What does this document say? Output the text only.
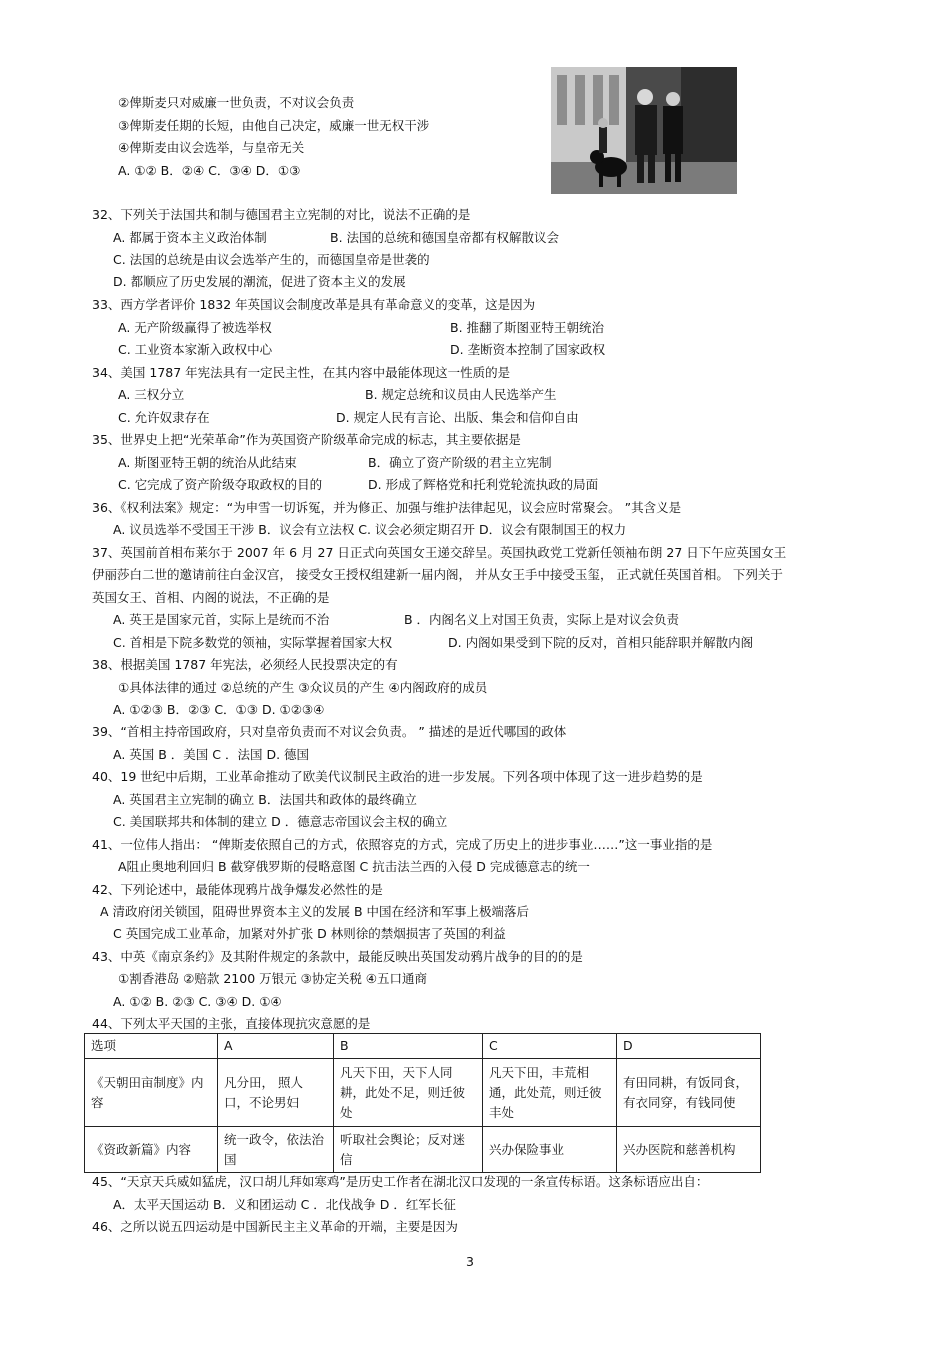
②俾斯麦只对威廉一世负责，不对议会负责
③俾斯麦任期的长短，由他自己决定，威廉一世无权干涉
④俾斯麦由议会选举，与皇帝无关
A. ①② B．②④ C．③④ D．①③
32、下列关于法国共和制与德国君主立宪制的对比，说法不正确的是
A. 都属于资本主义政治体制	B. 法国的总统和德国皇帝都有权解散议会
C. 法国的总统是由议会选举产生的，而德国皇帝是世袭的
D. 都顺应了历史发展的潮流，促进了资本主义的发展
33、西方学者评价 1832 年英国议会制度改革是具有革命意义的变革，这是因为
A. 无产阶级赢得了被选举权	B. 推翻了斯图亚特王朝统治
C. 工业资本家渐入政权中心	D. 垄断资本控制了国家政权
34、美国 1787 年宪法具有一定民主性，在其内容中最能体现这一性质的是
A. 三权分立	B. 规定总统和议员由人民选举产生
C. 允许奴隶存在	D. 规定人民有言论、出版、集会和信仰自由
35、世界史上把“光荣革命”作为英国资产阶级革命完成的标志，其主要依据是
A. 斯图亚特王朝的统治从此结束	B．确立了资产阶级的君主立宪制
C. 它完成了资产阶级夺取政权的目的	D. 形成了辉格党和托利党轮流执政的局面
36、《权利法案》规定：“为申雪一切诉冤，并为修正、加强与维护法律起见，议会应时常聚会。 ”其含义是
A. 议员选举不受国王干涉 B．议会有立法权 C. 议会必须定期召开 D．议会有限制国王的权力
37、英国前首相布莱尔于 2007 年 6 月 27 日正式向英国女王递交辞呈。英国执政党工党新任领袖布朗 27 日下午应英国女王
伊丽莎白二世的邀请前往白金汉宫， 接受女王授权组建新一届内阁， 并从女王手中接受玉玺， 正式就任英国首相。 下列关于
英国女王、首相、内阁的说法，不正确的是
A. 英王是国家元首，实际上是统而不治	B ．内阁名义上对国王负责，实际上是对议会负责
C. 首相是下院多数党的领袖，实际掌握着国家大权	D. 内阁如果受到下院的反对，首相只能辞职并解散内阁
38、根据美国 1787 年宪法，必须经人民投票决定的有
①具体法律的通过 ②总统的产生 ③众议员的产生 ④内阁政府的成员
A. ①②③ B．②③ C．①③ D. ①②③④
39、“首相主持帝国政府，只对皇帝负责而不对议会负责。 ” 描述的是近代哪国的政体
A. 英国 B ．美国 C ．法国 D. 德国
40、19 世纪中后期，工业革命推动了欧美代议制民主政治的进一步发展。下列各项中体现了这一进步趋势的是
A. 英国君主立宪制的确立 B．法国共和政体的最终确立
C. 美国联邦共和体制的建立 D ．德意志帝国议会主权的确立
41、一位伟人指出： “俾斯麦依照自己的方式，依照容克的方式，完成了历史上的进步事业……”这一事业指的是
A阻止奥地利回归 B 截穿俄罗斯的侵略意图 C 抗击法兰西的入侵 D 完成德意志的统一
42、下列论述中，最能体现鸦片战争爆发必然性的是
A 清政府闭关锁国，阻碍世界资本主义的发展 B 中国在经济和军事上极端落后
C 英国完成工业革命，加紧对外扩张 D 林则徐的禁烟损害了英国的利益
43、中英《南京条约》及其附件规定的条款中，最能反映出英国发动鸦片战争的目的的是
①割香港岛 ②赔款 2100 万银元 ③协定关税 ④五口通商
A. ①② B. ②③ C. ③④ D. ①④
44、下列太平天国的主张，直接体现抗灾意愿的是
选项	A	B	C	D
《天朝田亩制度》内容	凡分田， 照人口，不论男妇	凡天下田，天下人同耕，此处不足，则迁彼处	凡天下田，丰荒相通，此处荒，则迁彼丰处	有田同耕，有饭同食，有衣同穿，有钱同使
《资政新篇》内容	统一政令，依法治国	听取社会舆论；反对迷信	兴办保险事业	兴办医院和慈善机构
45、“天京天兵威如猛虎，汉口胡儿拜如寒鸡”是历史工作者在湖北汉口发现的一条宣传标语。这条标语应出自：
A．太平天国运动 B．义和团运动 C ．北伐战争 D ．红军长征
46、之所以说五四运动是中国新民主主义革命的开端，主要是因为
3
